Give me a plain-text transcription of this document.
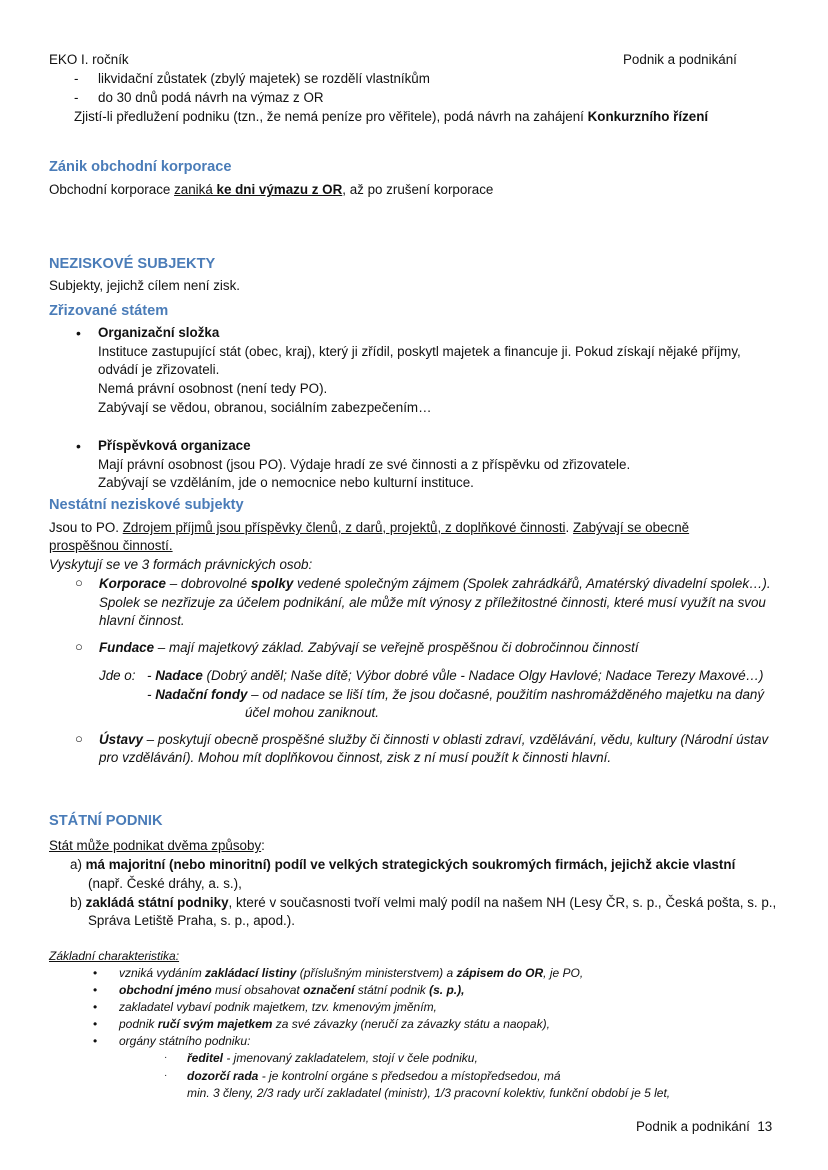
EKO I. ročník	Podnik a podnikání
- likvidační zůstatek (zbylý majetek) se rozdělí vlastníkům
- do 30 dnů podá návrh na výmaz z OR
Zjistí-li předlužení podniku (tzn., že nemá peníze pro věřitele), podá návrh na zahájení Konkurzního řízení
Zánik obchodní korporace
Obchodní korporace zaniká ke dni výmazu z OR, až po zrušení korporace
NEZISKOVÉ SUBJEKTY
Subjekty, jejichž cílem není zisk.
Zřizované státem
• Organizační složka
Instituce zastupující stát (obec, kraj), který ji zřídil, poskytl majetek a financuje ji. Pokud získají nějaké příjmy,
odvádí je zřizovateli.
Nemá právní osobnost (není tedy PO).
Zabývají se vědou, obranou, sociálním zabezpečením…
• Příspěvková organizace
Mají právní osobnost (jsou PO). Výdaje hradí ze své činnosti a z příspěvku od zřizovatele.
Zabývají se vzděláním, jde o nemocnice nebo kulturní instituce.
Nestátní neziskové subjekty
Jsou to PO. Zdrojem příjmů jsou příspěvky členů, z darů, projektů, z doplňkové činnosti. Zabývají se obecně
prospěšnou činností.
Vyskytují se ve 3 formách právnických osob:
○ Korporace – dobrovolné spolky vedené společným zájmem (Spolek zahrádkářů, Amatérský divadelní spolek…).
Spolek se nezřizuje za účelem podnikání, ale může mít výnosy z příležitostné činnosti, které musí využít na svou
hlavní činnost.
○ Fundace – mají majetkový základ. Zabývají se veřejně prospěšnou či dobročinnou činností
Jde o: - Nadace (Dobrý anděl; Naše dítě; Výbor dobré vůle - Nadace Olgy Havlové; Nadace Terezy Maxové…)
- Nadační fondy – od nadace se liší tím, že jsou dočasné, použitím nashromážděného majetku na daný
účel mohou zaniknout.
○ Ústavy – poskytují obecně prospěšné služby či činnosti v oblasti zdraví, vzdělávání, vědu, kultury (Národní ústav
pro vzdělávání). Mohou mít doplňkovou činnost, zisk z ní musí použít k činnosti hlavní.
STÁTNÍ PODNIK
Stát může podnikat dvěma způsoby:
a) má majoritní (nebo minoritní) podíl ve velkých strategických soukromých firmách, jejichž akcie vlastní
(např. České dráhy, a. s.),
b) zakládá státní podniky, které v současnosti tvoří velmi malý podíl na našem NH (Lesy ČR, s. p., Česká pošta, s. p.,
Správa Letiště Praha, s. p., apod.).
Základní charakteristika:
• vzniká vydáním zakládací listiny (příslušným ministerstvem) a zápisem do OR, je PO,
• obchodní jméno musí obsahovat označení státní podnik (s. p.),
• zakladatel vybaví podnik majetkem, tzv. kmenovým jměním,
• podnik ručí svým majetkem za své závazky (neručí za závazky státu a naopak),
• orgány státního podniku:
· ředitel - jmenovaný zakladatelem, stojí v čele podniku,
· dozorčí rada - je kontrolní orgáne s předsedou a místopředsedou, má
min. 3 členy, 2/3 rady určí zakladatel (ministr), 1/3 pracovní kolektiv, funkční období je 5 let,
Podnik a podnikání 13
